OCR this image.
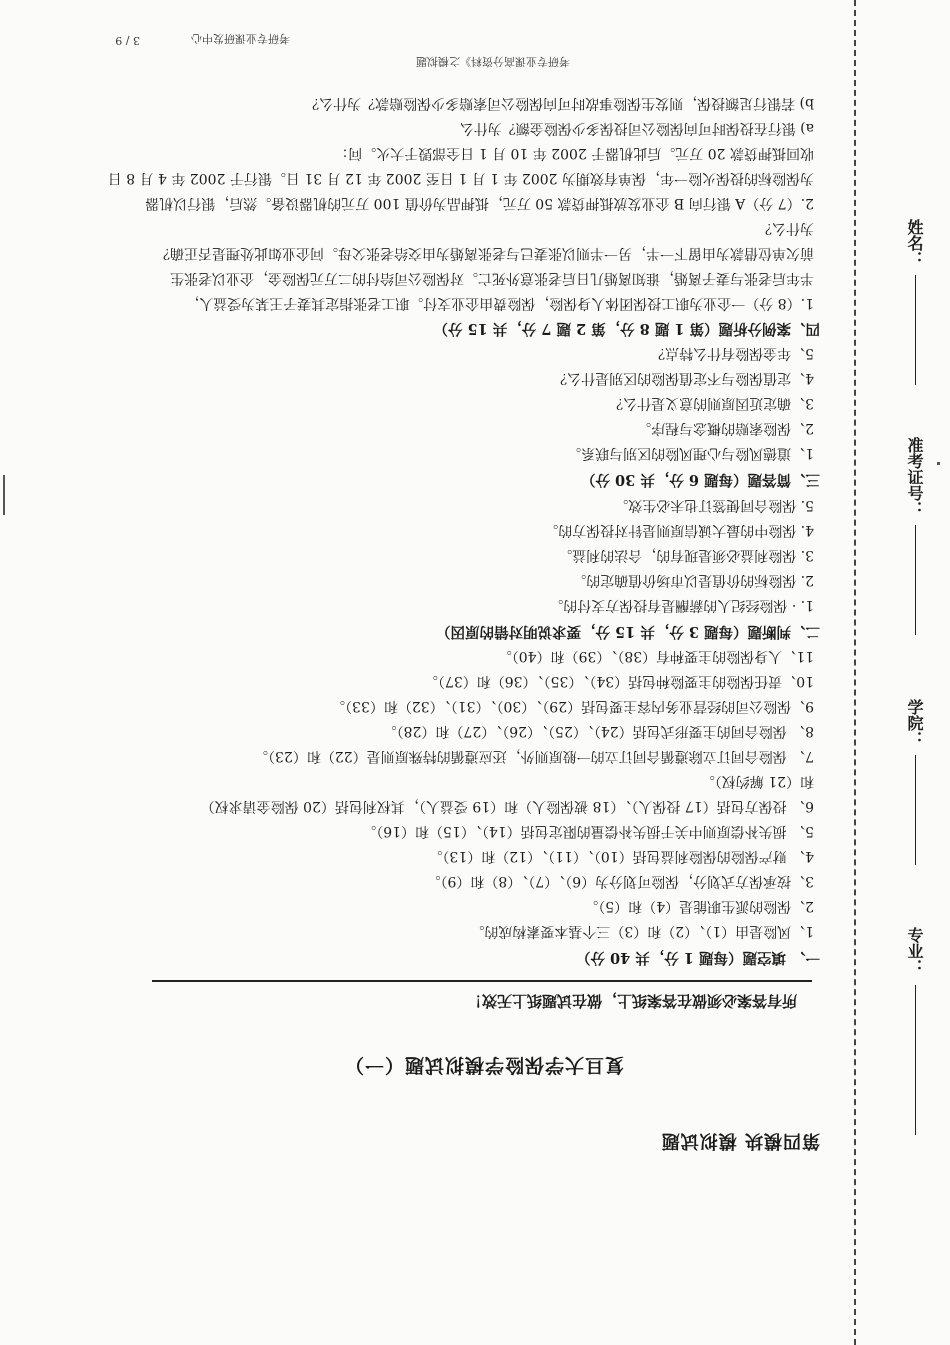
考研专业课高分资料》之模拟题
3 / 9	考研专业课研发中心
第四模块 模拟试题
复旦大学保险学模拟试题（一）
所有答案必须做在答案纸上，做在试题纸上无效！
一、 填空题（每题 1 分，共 40 分）
1、风险是由（1）、（2）和（3）三个基本要素构成的。
2、保险的派生职能是（4）和（5）。
3、按承保方式划分，保险可划分为（6）、（7）、（8）和（9）。
4、 财产保险的保险利益包括（10）、（11）、（12）和（13）。
5、 损失补偿原则中关于损失补偿量的限定包括（14）、（15）和（16）。
6、 投保方包括（17 投保人）、（18 被保险人）和（19 受益人），其权利包括（20 保险金请求权）
和（21 解约权）。
7、 保险合同订立除遵循合同订立的一般原则外，还应遵循的特殊原则是（22）和（23）。
8、 保险合同的主要形式包括（24）、（25）、（26）、（27）和（28）。
9、保险公司的经营业务内容主要包括（29）、（30）、（31）、（32）和（33）。
10、责任保险的主要险种包括（34）、（35）、（36）和（37）。
11、人身保险的主要种有（38）、（39）和（40）。
二、判断题（每题 3 分，共 15 分，要求说明对错的原因）
1. · 保险经纪人的薪酬是有投保方支付的。
2. 保险标的价值是以市场价值确定的。
3. 保险利益必须是现有的，合法的利益。
4. 保险中的最大诚信原则是针对投保方的。
5. 保险合同便签订也未必生效。
三、简答题（每题 6 分，共 30 分）
1、道德风险与心理风险的区别与联系。
2、保险索赔的概念与程序。
3、确定近因原则的意义是什么？
4、定值保险与不定值保险的区别是什么？
5、年金保险有什么特点？
四、案例分析题（第 1 题 8 分，第 2 题 7 分，共 15 分）
1.（8 分）一企业为职工投保团体人身保险，保险费由企业支付。职工老张指定其妻子王某为受益人，
半年后老张与妻子离婚，谁知离婚几日后老张意外死亡。对保险公司给付的二万元保险金，企业以老张生
前欠单位借款为由留下一半，另一半则以张妻已与老张离婚为由交给老张父母。问企业如此处理是否正确？
为什么？
2.（7 分）A 银行向 B 企业发放抵押贷款 50 万元，抵押品为价值 100 万元的机器设备。然后，银行以机器
为保险标的投保火险一年，保单有效期为 2002 年 1 月 1 日至 2002 年 12 月 31 日。银行于 2002 年 4 月 8 日
收回抵押贷款 20 万元。后此机器于 2002 年 10 月 1 日全部毁于大火。问：
a) 银行在投保时可向保险公司投保多少保险金额？为什么
b) 若银行足额投保，则发生保险事故时可向保险公司索赔多少保险赔款？为什么？
专业：
学院：
准考证号：
姓名：
